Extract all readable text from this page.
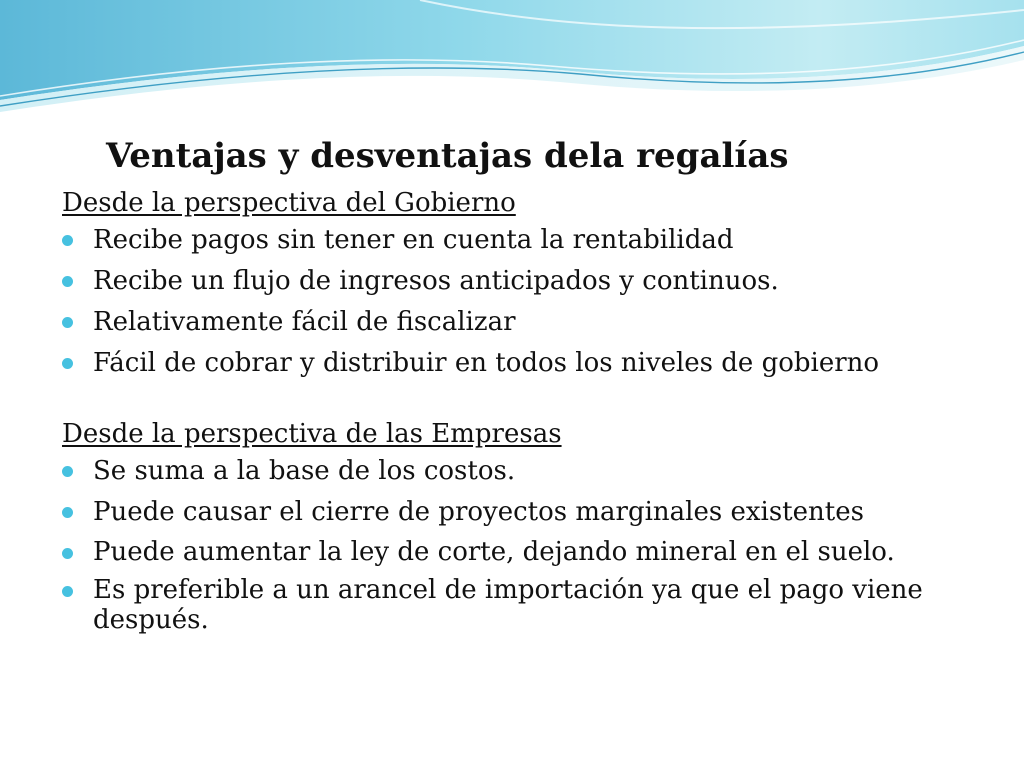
Ventajas y desventajas dela regalías

Desde la perspectiva del Gobierno

Recibe pagos sin tener en cuenta la rentabilidad
Recibe un flujo de ingresos anticipados y continuos.
Relativamente fácil de fiscalizar
Fácil de cobrar y distribuir en todos los niveles de gobierno

Desde la perspectiva de las Empresas

Se suma a la base de los costos.
Puede causar el cierre de proyectos marginales existentes
Puede aumentar la ley de corte, dejando mineral en el suelo.
Es preferible a un arancel de importación ya que el pago viene después.
